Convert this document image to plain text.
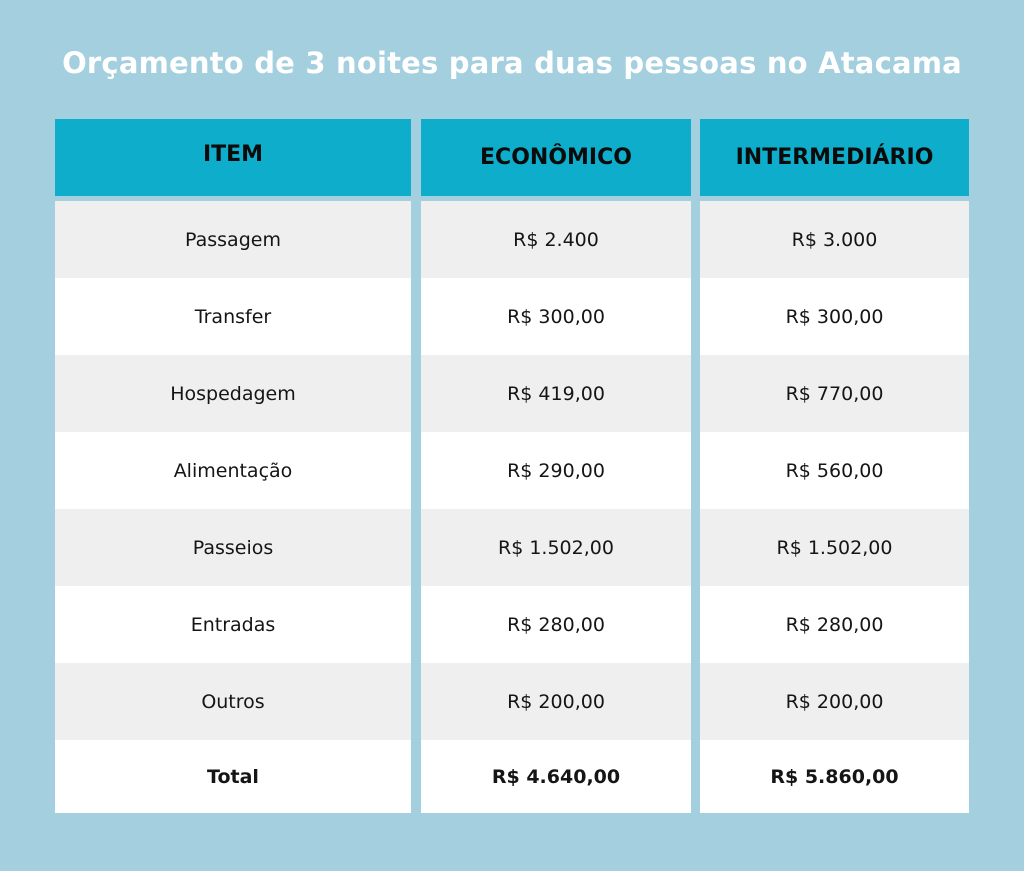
Orçamento de 3 noites para duas pessoas no Atacama
ITEM
Passagem
Transfer
Hospedagem
Alimentação
Passeios
Entradas
Outros
Total
ECONÔMICO
R$ 2.400
R$ 300,00
R$ 419,00
R$ 290,00
R$ 1.502,00
R$ 280,00
R$ 200,00
R$ 4.640,00
INTERMEDIÁRIO
R$ 3.000
R$ 300,00
R$ 770,00
R$ 560,00
R$ 1.502,00
R$ 280,00
R$ 200,00
R$ 5.860,00
